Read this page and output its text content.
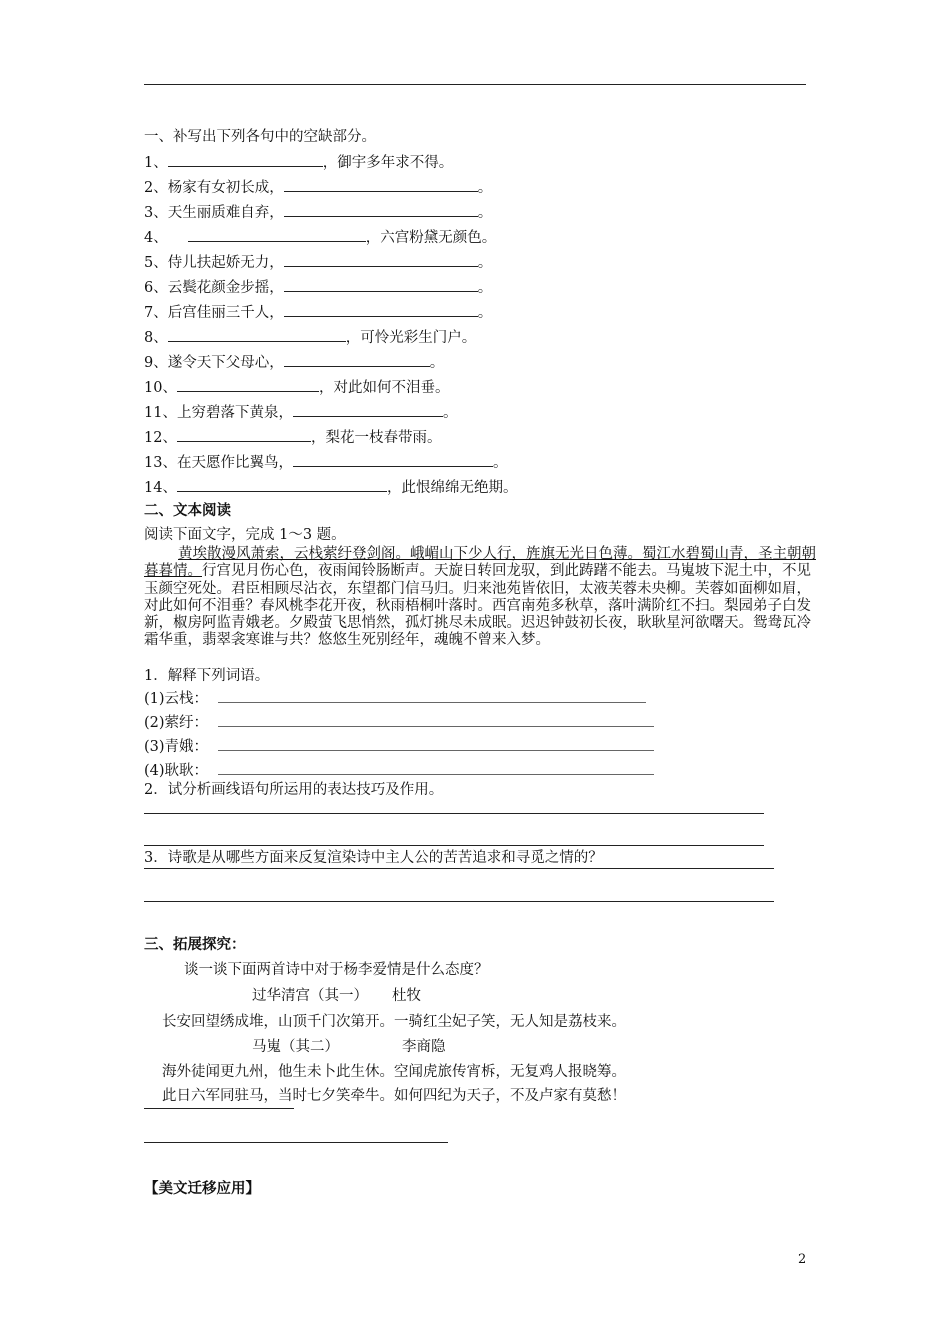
一、补写出下列各句中的空缺部分。
1、	，御宇多年求不得。
2、杨家有女初长成，	。
3、天生丽质难自弃，	。
4、	，六宫粉黛无颜色。
5、侍儿扶起娇无力，	。
6、云鬓花颜金步摇，	。
7、后宫佳丽三千人，	。
8、	，可怜光彩生门户。
9、遂令天下父母心，	。
10、	，对此如何不泪垂。
11、上穷碧落下黄泉，	。
12、	，梨花一枝春带雨。
13、在天愿作比翼鸟，	。
14、	，此恨绵绵无绝期。
二、文本阅读
阅读下面文字，完成 1～3 题。
黄埃散漫风萧索，云栈萦纡登剑阁。峨嵋山下少人行，旌旗无光日色薄。蜀江水碧蜀山青，圣主朝朝暮暮情。行宫见月伤心色，夜雨闻铃肠断声。天旋日转回龙驭，到此踌躇不能去。马嵬坡下泥土中，不见玉颜空死处。君臣相顾尽沾衣，东望都门信马归。归来池苑皆依旧，太液芙蓉未央柳。芙蓉如面柳如眉，对此如何不泪垂？春风桃李花开夜，秋雨梧桐叶落时。西宫南苑多秋草，落叶满阶红不扫。梨园弟子白发新，椒房阿监青娥老。夕殿萤飞思悄然，孤灯挑尽未成眠。迟迟钟鼓初长夜，耿耿星河欲曙天。鸳鸯瓦冷霜华重，翡翠衾寒谁与共？悠悠生死别经年，魂魄不曾来入梦。
1．解释下列词语。
(1)云栈：
(2)萦纡：
(3)青娥：
(4)耿耿：
2．试分析画线语句所运用的表达技巧及作用。
3．诗歌是从哪些方面来反复渲染诗中主人公的苦苦追求和寻觅之情的？
三、拓展探究：
谈一谈下面两首诗中对于杨李爱情是什么态度？
过华清宫（其一） 杜牧
长安回望绣成堆，山顶千门次第开。一骑红尘妃子笑，无人知是荔枝来。
马嵬（其二）	李商隐
海外徒闻更九州，他生未卜此生休。空闻虎旅传宵柝，无复鸡人报晓筹。
此日六军同驻马，当时七夕笑牵牛。如何四纪为天子，不及卢家有莫愁！
【美文迁移应用】
2
